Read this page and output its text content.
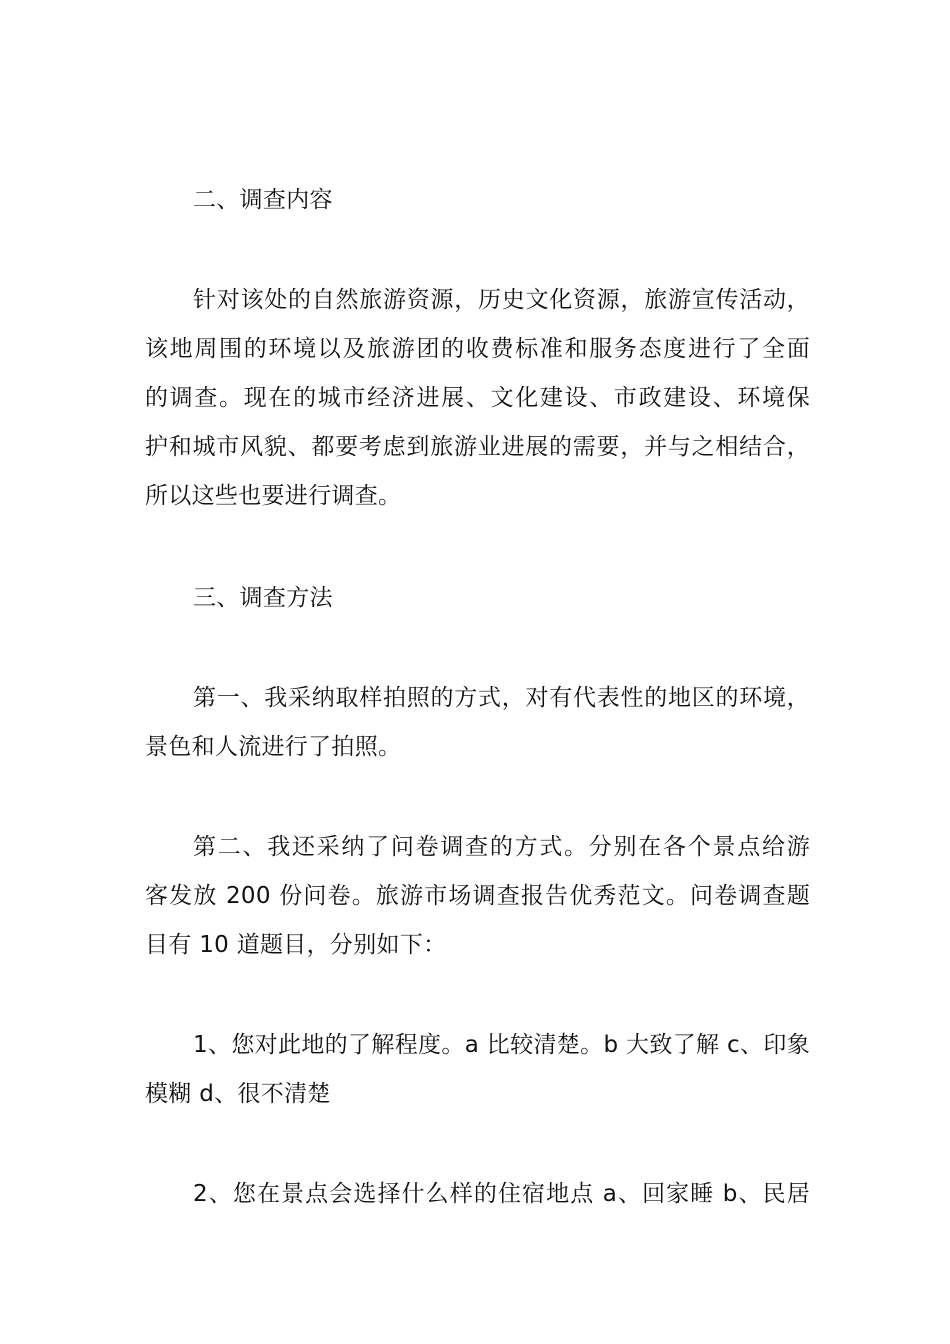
二、调查内容
针对该处的自然旅游资源，历史文化资源，旅游宣传活动，
该地周围的环境以及旅游团的收费标准和服务态度进行了全面
的调查。现在的城市经济进展、文化建设、市政建设、环境保
护和城市风貌、都要考虑到旅游业进展的需要，并与之相结合，
所以这些也要进行调查。
三、调查方法
第一、我采纳取样拍照的方式，对有代表性的地区的环境，
景色和人流进行了拍照。
第二、我还采纳了问卷调查的方式。分别在各个景点给游
客发放 200 份问卷。旅游市场调查报告优秀范文。问卷调查题
目有 10 道题目，分别如下：
1、您对此地的了解程度。a 比较清楚。b 大致了解 c、印象
模糊 d、很不清楚
2、您在景点会选择什么样的住宿地点 a、回家睡 b、民居
